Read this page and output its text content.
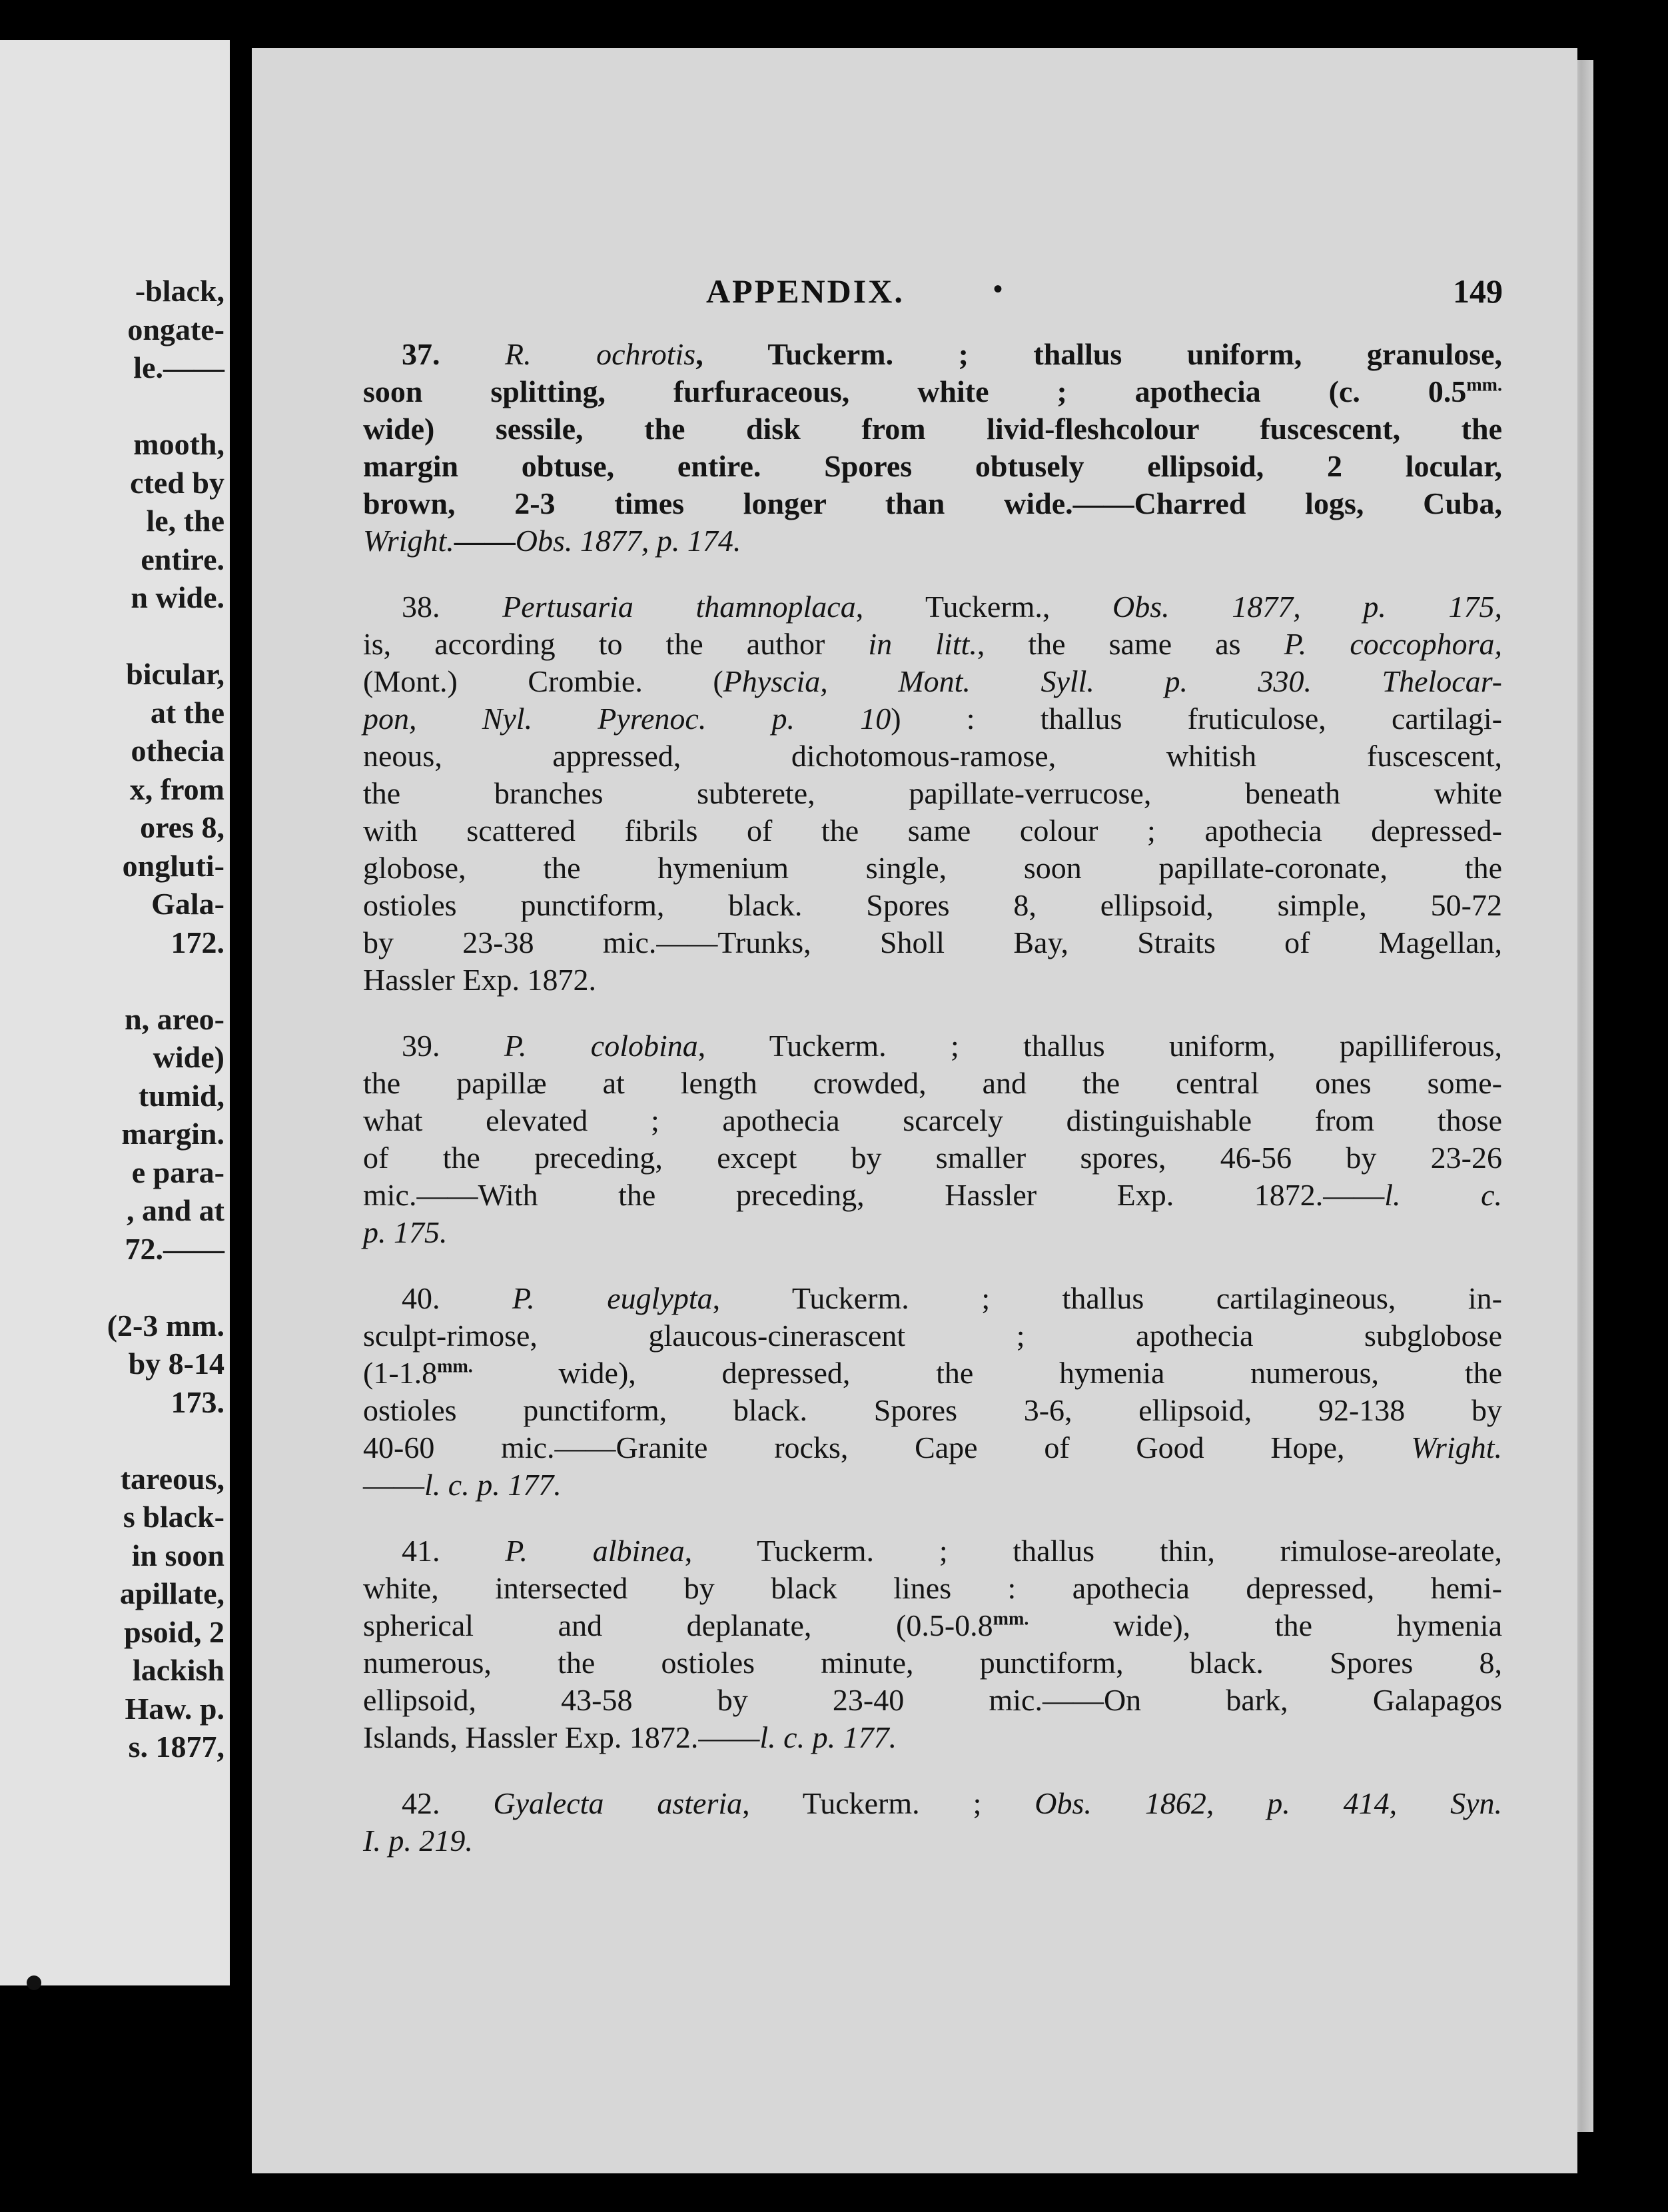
-black,
ongate-
le.——

mooth,
cted by
le, the
entire.
n wide.

bicular,
at the
othecia
x, from
ores 8,
ongluti-
Gala-
172.

n, areo-
wide)
tumid,
margin.
e para-
, and at
72.——

(2-3 mm.
by 8-14
173.

tareous,
s black-
in soon
apillate,
psoid, 2
lackish
Haw. p.
s. 1877,
APPENDIX.	•	149
37. R. ochrotis, Tuckerm. ; thallus uniform, granulose,
soon splitting, furfuraceous, white ; apothecia (c. $0.5^{mm.}$
wide) sessile, the disk from livid-fleshcolour fuscescent, the
margin obtuse, entire. Spores obtusely ellipsoid, 2 locular,
brown, 2-3 times longer than wide.——Charred logs, Cuba,
Wright.——Obs. 1877, p. 174.
38. Pertusaria thamnoplaca, Tuckerm., Obs. 1877, p. 175,
is, according to the author in litt., the same as P. coccophora,
(Mont.) Crombie. (Physcia, Mont. Syll. p. 330. Thelocar-
pon, Nyl. Pyrenoc. p. 10) : thallus fruticulose, cartilagi-
neous, appressed, dichotomous-ramose, whitish fuscescent,
the branches subterete, papillate-verrucose, beneath white
with scattered fibrils of the same colour ; apothecia depressed-
globose, the hymenium single, soon papillate-coronate, the
ostioles punctiform, black. Spores 8, ellipsoid, simple, 50-72
by 23-38 mic.——Trunks, Sholl Bay, Straits of Magellan,
Hassler Exp. 1872.
39. P. colobina, Tuckerm. ; thallus uniform, papilliferous,
the papillæ at length crowded, and the central ones some-
what elevated ; apothecia scarcely distinguishable from those
of the preceding, except by smaller spores, 46-56 by 23-26
mic.——With the preceding, Hassler Exp. 1872.——l. c.
p. 175.
40. P. euglypta, Tuckerm. ; thallus cartilagineous, in-
sculpt-rimose, glaucous-cinerascent ; apothecia subglobose
($1-1.8^{mm.}$ wide), depressed, the hymenia numerous, the
ostioles punctiform, black. Spores 3-6, ellipsoid, 92-138 by
40-60 mic.——Granite rocks, Cape of Good Hope, Wright.
——l. c. p. 177.
41. P. albinea, Tuckerm. ; thallus thin, rimulose-areolate,
white, intersected by black lines : apothecia depressed, hemi-
spherical and deplanate, ($0.5-0.8^{mm.}$ wide), the hymenia
numerous, the ostioles minute, punctiform, black. Spores 8,
ellipsoid, 43-58 by 23-40 mic.——On bark, Galapagos
Islands, Hassler Exp. 1872.——l. c. p. 177.
42. Gyalecta asteria, Tuckerm. ; Obs. 1862, p. 414, Syn.
I. p. 219.
